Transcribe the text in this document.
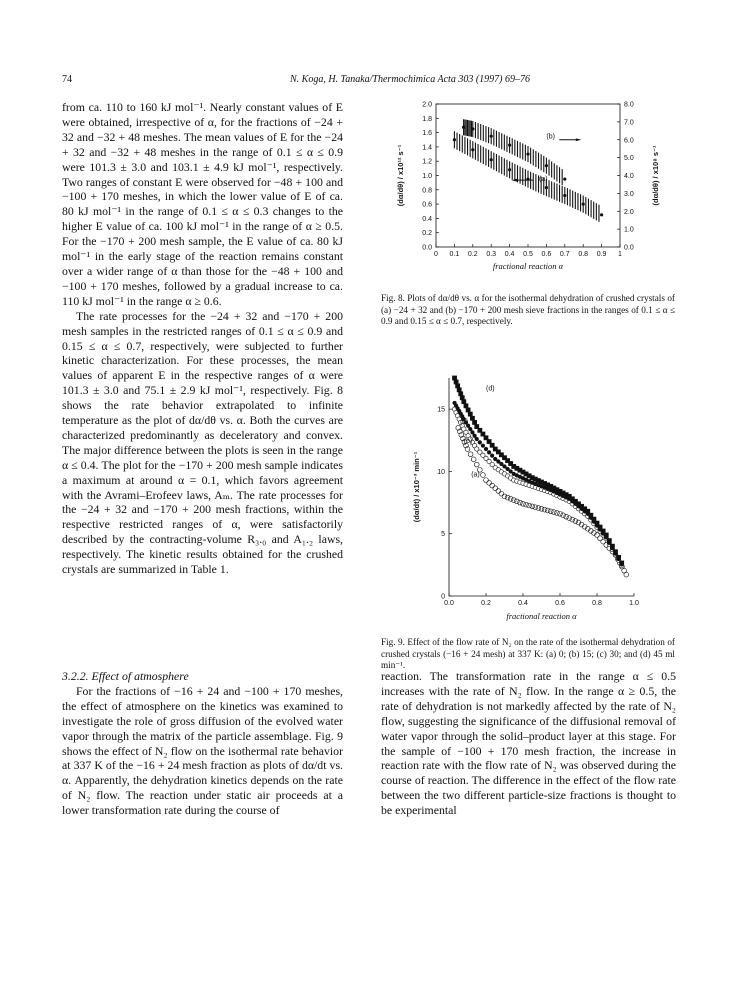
74	N. Koga, H. Tanaka/Thermochimica Acta 303 (1997) 69–76

from ca. 110 to 160 kJ mol⁻¹. Nearly constant values of E were obtained, irrespective of α, for the fractions of −24 + 32 and −32 + 48 meshes. The mean values of E for the −24 + 32 and −32 + 48 meshes in the range of 0.1 ≤ α ≤ 0.9 were 101.3 ± 3.0 and 103.1 ± 4.9 kJ mol⁻¹, respectively. Two ranges of constant E were observed for −48 + 100 and −100 + 170 meshes, in which the lower value of E of ca. 80 kJ mol⁻¹ in the range of 0.1 ≤ α ≤ 0.3 changes to the higher E value of ca. 100 kJ mol⁻¹ in the range of α ≥ 0.5. For the −170 + 200 mesh sample, the E value of ca. 80 kJ mol⁻¹ in the early stage of the reaction remains constant over a wider range of α than those for the −48 + 100 and −100 + 170 meshes, followed by a gradual increase to ca. 110 kJ mol⁻¹ in the range α ≥ 0.6.

The rate processes for the −24 + 32 and −170 + 200 mesh samples in the restricted ranges of 0.1 ≤ α ≤ 0.9 and 0.15 ≤ α ≤ 0.7, respectively, were subjected to further kinetic characterization. For these processes, the mean values of apparent E in the respective ranges of α were 101.3 ± 3.0 and 75.1 ± 2.9 kJ mol⁻¹, respectively. Fig. 8 shows the rate behavior extrapolated to infinite temperature as the plot of dα/dθ vs. α. Both the curves are characterized predominantly as deceleratory and convex. The major difference between the plots is seen in the range α ≤ 0.4. The plot for the −170 + 200 mesh sample indicates a maximum at around α = 0.1, which favors agreement with the Avrami–Erofeev laws, Aₘ. The rate processes for the −24 + 32 and −170 + 200 mesh fractions, within the respective restricted ranges of α, were satisfactorily described by the contracting-volume R₃.₀ and A₁.₂ laws, respectively. The kinetic results obtained for the crushed crystals are summarized in Table 1.

0 0.1 0.2 0.3 0.4 0.5 0.6 0.7 0.8 0.9 1
0.0
0.2
0.4
0.6
0.8
1.0
1.2
1.4
1.6
1.8
2.0
0.0
1.0
2.0
3.0
4.0
5.0
6.0
7.0
8.0
fractional reaction α
(dα/dθ) / x10¹² s⁻¹	(dα/dθ) / x10⁸ s⁻¹
(b)
(a)
Fig. 8. Plots of dα/dθ vs. α for the isothermal dehydration of crushed crystals of (a) −24 + 32 and (b) −170 + 200 mesh sieve fractions in the ranges of 0.1 ≤ α ≤ 0.9 and 0.15 ≤ α ≤ 0.7, respectively.
0.0	0.2	0.4	0.6	0.8	1.0
0
5
10
15
fractional reaction α
(dα/dt) / x10⁻³ min⁻¹
(d)
(c)
(b)
(a)
Fig. 9. Effect of the flow rate of N₂ on the rate of the isothermal dehydration of crushed crystals (−16 + 24 mesh) at 337 K: (a) 0; (b) 15; (c) 30; and (d) 45 ml min⁻¹.

3.2.2. Effect of atmosphere

For the fractions of −16 + 24 and −100 + 170 meshes, the effect of atmosphere on the kinetics was examined to investigate the role of gross diffusion of the evolved water vapor through the matrix of the particle assemblage. Fig. 9 shows the effect of N₂ flow on the isothermal rate behavior at 337 K of the −16 + 24 mesh fraction as plots of dα/dt vs. α. Apparently, the dehydration kinetics depends on the rate of N₂ flow. The reaction under static air proceeds at a lower transformation rate during the course of

reaction. The transformation rate in the range α ≤ 0.5 increases with the rate of N₂ flow. In the range α ≥ 0.5, the rate of dehydration is not markedly affected by the rate of N₂ flow, suggesting the significance of the diffusional removal of water vapor through the solid–product layer at this stage. For the sample of −100 + 170 mesh fraction, the increase in reaction rate with the flow rate of N₂ was observed during the course of reaction. The difference in the effect of the flow rate between the two different particle-size fractions is thought to be experimental
